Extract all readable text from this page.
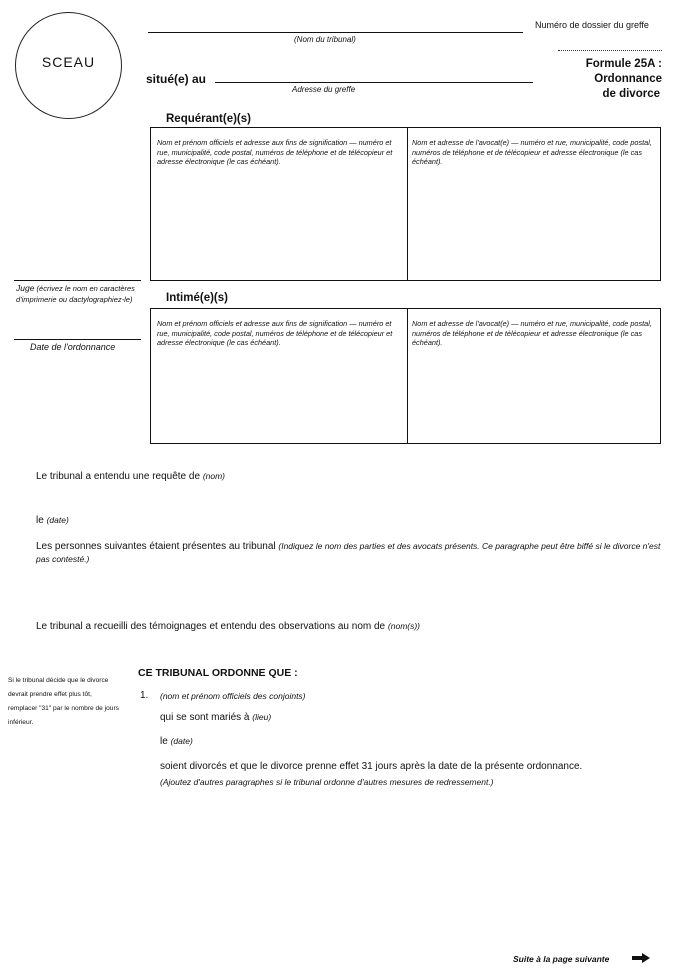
SCEAU
(Nom du tribunal)
situé(e) au
Adresse du greffe
Numéro de dossier du greffe
Formule 25A :
Ordonnance
de divorce
Requérant(e)(s)
Nom et prénom officiels et adresse aux fins de signification — numéro et rue, municipalité, code postal, numéros de téléphone et de télécopieur et adresse électronique (le cas échéant).
Nom et adresse de l'avocat(e) — numéro et rue, municipalité, code postal, numéros de téléphone et de télécopieur et adresse électronique (le cas échéant).
Juge (écrivez le nom en caractères d'imprimerie ou dactylographiez-le)
Date de l'ordonnance
Intimé(e)(s)
Nom et prénom officiels et adresse aux fins de signification — numéro et rue, municipalité, code postal, numéros de téléphone et de télécopieur et adresse électronique (le cas échéant).
Nom et adresse de l'avocat(e) — numéro et rue, municipalité, code postal, numéros de téléphone et de télécopieur et adresse électronique (le cas échéant).
Le tribunal a entendu une requête de (nom)
le (date)
Les personnes suivantes étaient présentes au tribunal (Indiquez le nom des parties et des avocats présents. Ce paragraphe peut être biffé si le divorce n'est pas contesté.)
Le tribunal a recueilli des témoignages et entendu des observations au nom de (nom(s))
Si le tribunal décide que le divorce devrait prendre effet plus tôt, remplacer "31" par le nombre de jours inférieur.
CE TRIBUNAL ORDONNE QUE :
1. (nom et prénom officiels des conjoints)
qui se sont mariés à (lieu)
le (date)
soient divorcés et que le divorce prenne effet 31 jours après la date de la présente ordonnance.
(Ajoutez d'autres paragraphes si le tribunal ordonne d'autres mesures de redressement.)
Suite à la page suivante
